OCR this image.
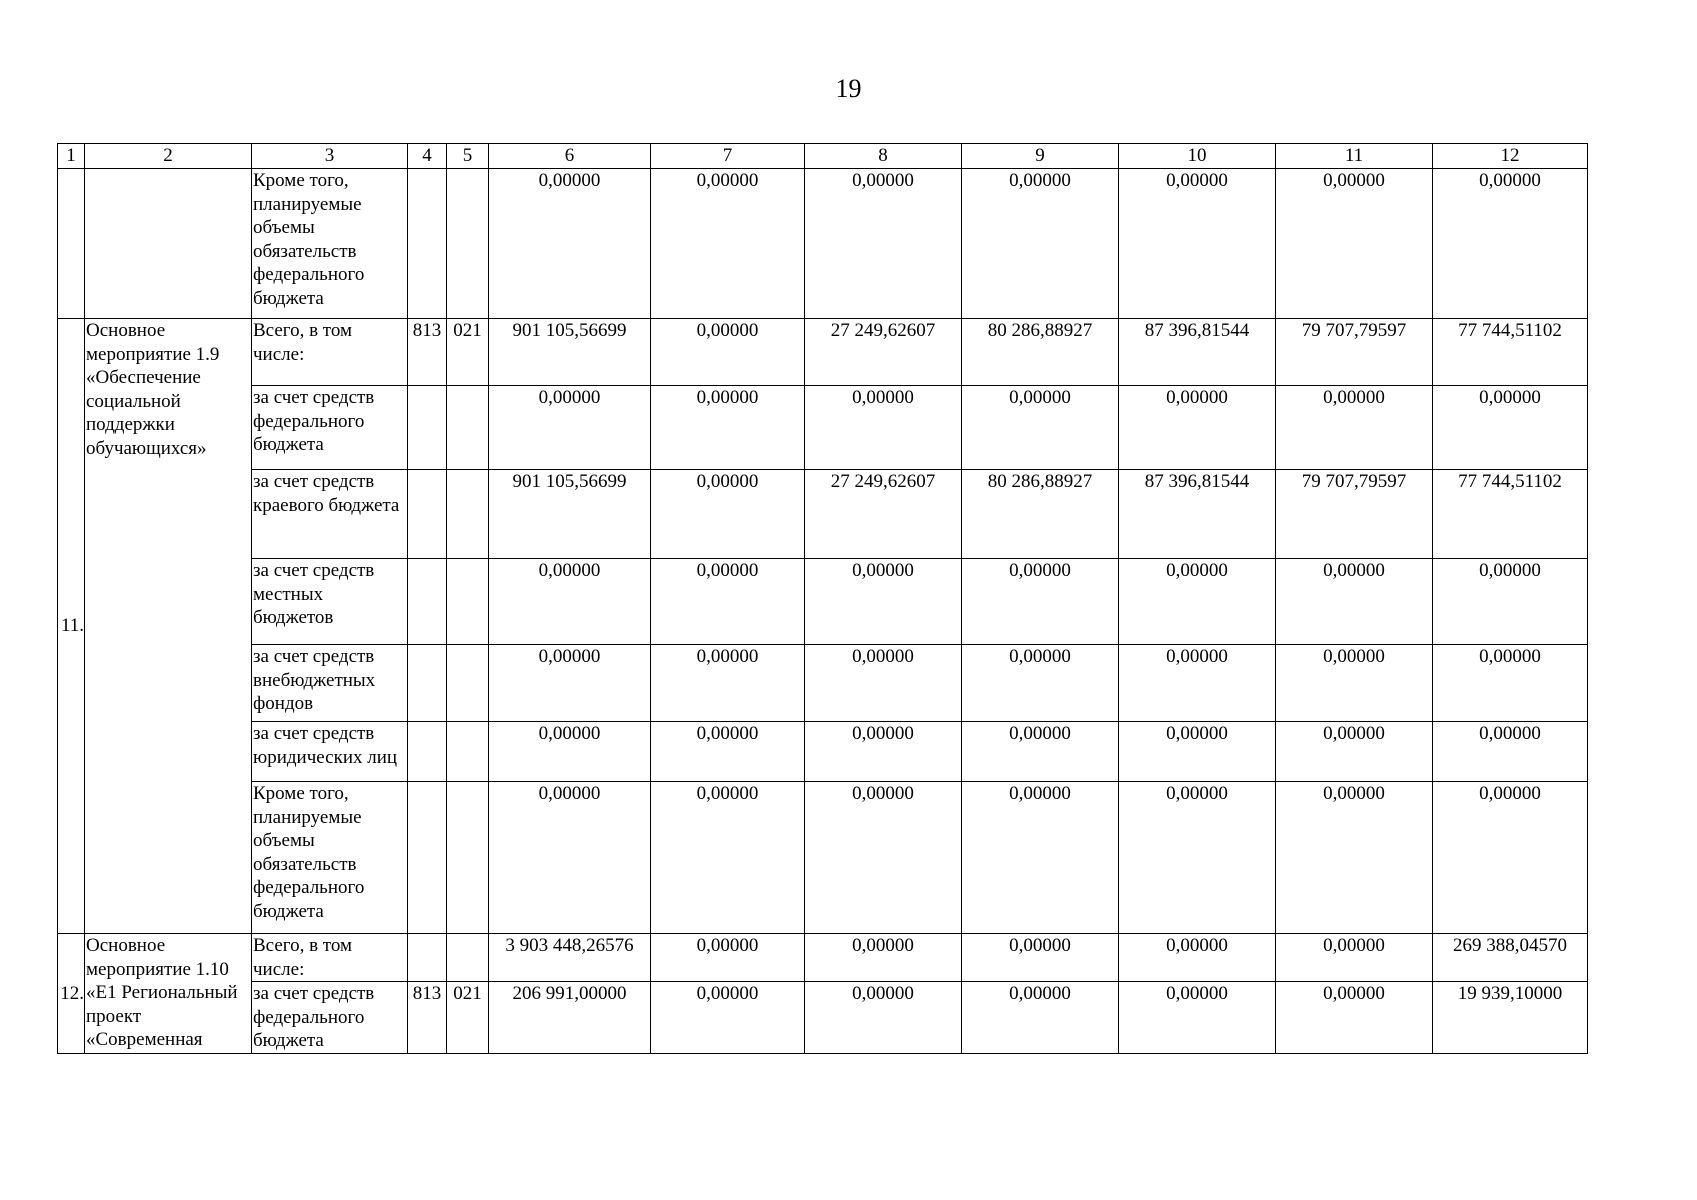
19
1	2	3	4	5	6	7	8	9	10	11	12
		Кроме того, планируемые объемы обязательств федерального бюджета			0,00000	0,00000	0,00000	0,00000	0,00000	0,00000	0,00000
11.	Основное мероприятие 1.9 «Обеспечение социальной поддержки обучающихся»	Всего, в том числе:	813	021	901 105,56699	0,00000	27 249,62607	80 286,88927	87 396,81544	79 707,79597	77 744,51102
		за счет средств федерального бюджета			0,00000	0,00000	0,00000	0,00000	0,00000	0,00000	0,00000
		за счет средств краевого бюджета			901 105,56699	0,00000	27 249,62607	80 286,88927	87 396,81544	79 707,79597	77 744,51102
		за счет средств местных бюджетов			0,00000	0,00000	0,00000	0,00000	0,00000	0,00000	0,00000
		за счет средств внебюджетных фондов			0,00000	0,00000	0,00000	0,00000	0,00000	0,00000	0,00000
		за счет средств юридических лиц			0,00000	0,00000	0,00000	0,00000	0,00000	0,00000	0,00000
		Кроме того, планируемые объемы обязательств федерального бюджета			0,00000	0,00000	0,00000	0,00000	0,00000	0,00000	0,00000
12.	Основное мероприятие 1.10 «Е1 Региональный проект «Современная	Всего, в том числе:			3 903 448,26576	0,00000	0,00000	0,00000	0,00000	0,00000	269 388,04570
		за счет средств федерального бюджета	813	021	206 991,00000	0,00000	0,00000	0,00000	0,00000	0,00000	19 939,10000
